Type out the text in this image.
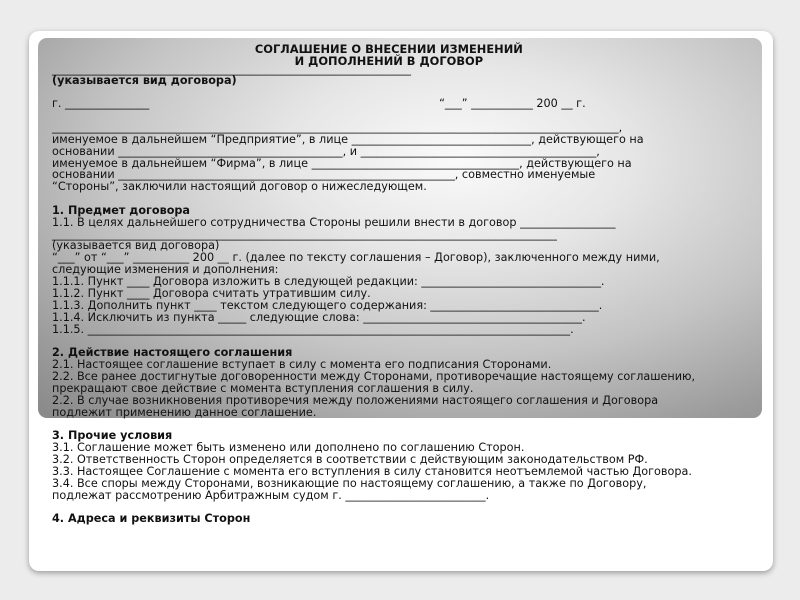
СОГЛАШЕНИЕ О ВНЕСЕНИИ ИЗМЕНЕНИЙ
И ДОПОЛНЕНИЙ В ДОГОВОР
________________________________________________________________
(указывается вид договора)
г. _______________	“___” ___________ 200 __ г.
_____________________________________________________________________________________________________,
именуемое в дальнейшем “Предприятие”, в лице ________________________________, действующего на
основании ________________________________________, и __________________________________________,
именуемое в дальнейшем “Фирма”, в лице _____________________________________, действующего на
основании ____________________________________________________________, совместно именуемые
“Стороны”, заключили настоящий договор о нижеследующем.
1. Предмет договора
1.1. В целях дальнейшего сотрудничества Стороны решили внести в договор _________________
__________________________________________________________________________________________
(указывается вид договора)
“___” от “___” __________ 200 __ г. (далее по тексту соглашения – Договор), заключенного между ними,
следующие изменения и дополнения:
1.1.1. Пункт ____ Договора изложить в следующей редакции: ________________________________.
1.1.2. Пункт ____ Договора считать утратившим силу.
1.1.3. Дополнить пункт ____ текстом следующего содержания: ______________________________.
1.1.4. Исключить из пункта _____ следующие слова: _______________________________________.
1.1.5. ______________________________________________________________________________________.
2. Действие настоящего соглашения
2.1. Настоящее соглашение вступает в силу с момента его подписания Сторонами.
2.2. Все ранее достигнутые договоренности между Сторонами, противоречащие настоящему соглашению,
прекращают свое действие с момента вступления соглашения в силу.
2.2. В случае возникновения противоречия между положениями настоящего соглашения и Договора
подлежит применению данное соглашение.
3. Прочие условия
3.1. Соглашение может быть изменено или дополнено по соглашению Сторон.
3.2. Ответственность Сторон определяется в соответствии с действующим законодательством РФ.
3.3. Настоящее Соглашение с момента его вступления в силу становится неотъемлемой частью Договора.
3.4. Все споры между Сторонами, возникающие по настоящему соглашению, а также по Договору,
подлежат рассмотрению Арбитражным судом г. _________________________.
4. Адреса и реквизиты Сторон
